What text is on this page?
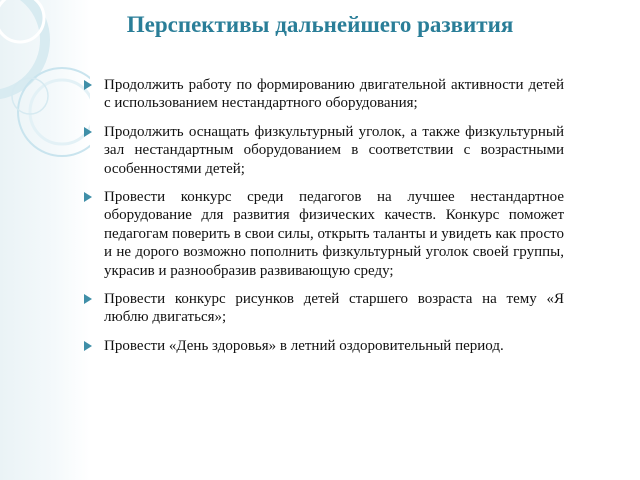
Перспективы дальнейшего развития
Продолжить работу по формированию двигательной активности детей с использованием нестандартного оборудования;
Продолжить оснащать физкультурный уголок, а также физкультурный зал нестандартным оборудованием в соответствии с возрастными особенностями детей;
Провести конкурс среди педагогов на лучшее нестандартное оборудование для развития физических качеств. Конкурс поможет педагогам поверить в свои силы, открыть таланты и увидеть как просто и не дорого возможно пополнить физкультурный уголок своей группы, украсив и разнообразив развивающую среду;
Провести конкурс рисунков детей старшего возраста на тему «Я люблю двигаться»;
Провести «День здоровья» в летний оздоровительный период.
